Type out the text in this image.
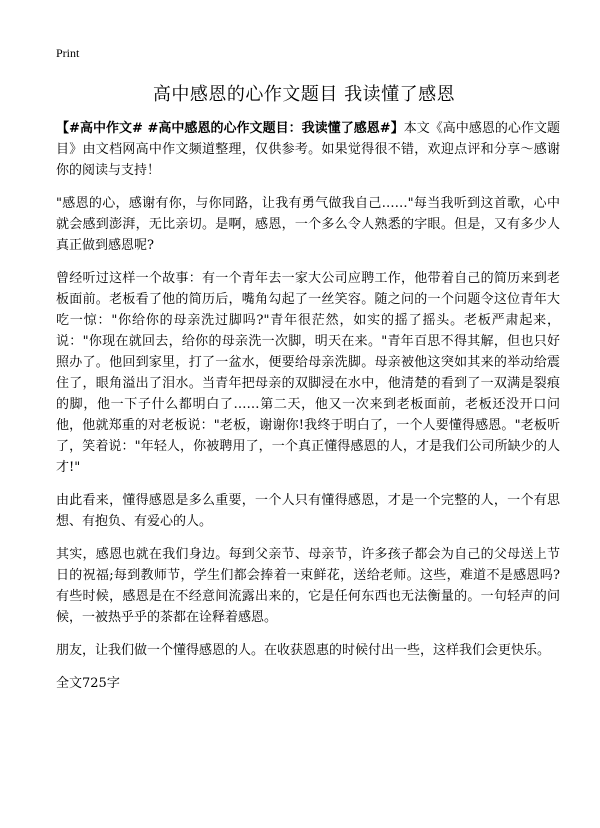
Print
高中感恩的心作文题目 我读懂了感恩

【#高中作文# #高中感恩的心作文题目：我读懂了感恩#】本文《高中感恩的心作文题目》由文档网高中作文频道整理，仅供参考。如果觉得很不错，欢迎点评和分享～感谢你的阅读与支持！

"感恩的心，感谢有你，与你同路，让我有勇气做我自己……"每当我听到这首歌，心中就会感到澎湃，无比亲切。是啊，感恩，一个多么令人熟悉的字眼。但是，又有多少人真正做到感恩呢?

曾经听过这样一个故事：有一个青年去一家大公司应聘工作，他带着自己的简历来到老板面前。老板看了他的简历后，嘴角勾起了一丝笑容。随之问的一个问题令这位青年大吃一惊："你给你的母亲洗过脚吗?"青年很茫然，如实的摇了摇头。老板严肃起来，说："你现在就回去，给你的母亲洗一次脚，明天在来。"青年百思不得其解，但也只好照办了。他回到家里，打了一盆水，便要给母亲洗脚。母亲被他这突如其来的举动给震住了，眼角溢出了泪水。当青年把母亲的双脚浸在水中，他清楚的看到了一双满是裂痕的脚，他一下子什么都明白了……第二天，他又一次来到老板面前，老板还没开口问他，他就郑重的对老板说："老板，谢谢你!我终于明白了，一个人要懂得感恩。"老板听了，笑着说："年轻人，你被聘用了，一个真正懂得感恩的人，才是我们公司所缺少的人才!"

由此看来，懂得感恩是多么重要，一个人只有懂得感恩，才是一个完整的人，一个有思想、有抱负、有爱心的人。

其实，感恩也就在我们身边。每到父亲节、母亲节，许多孩子都会为自己的父母送上节日的祝福;每到教师节，学生们都会捧着一束鲜花，送给老师。这些，难道不是感恩吗?有些时候，感恩是在不经意间流露出来的，它是任何东西也无法衡量的。一句轻声的问候，一被热乎乎的茶都在诠释着感恩。

朋友，让我们做一个懂得感恩的人。在收获恩惠的时候付出一些，这样我们会更快乐。

全文725字
